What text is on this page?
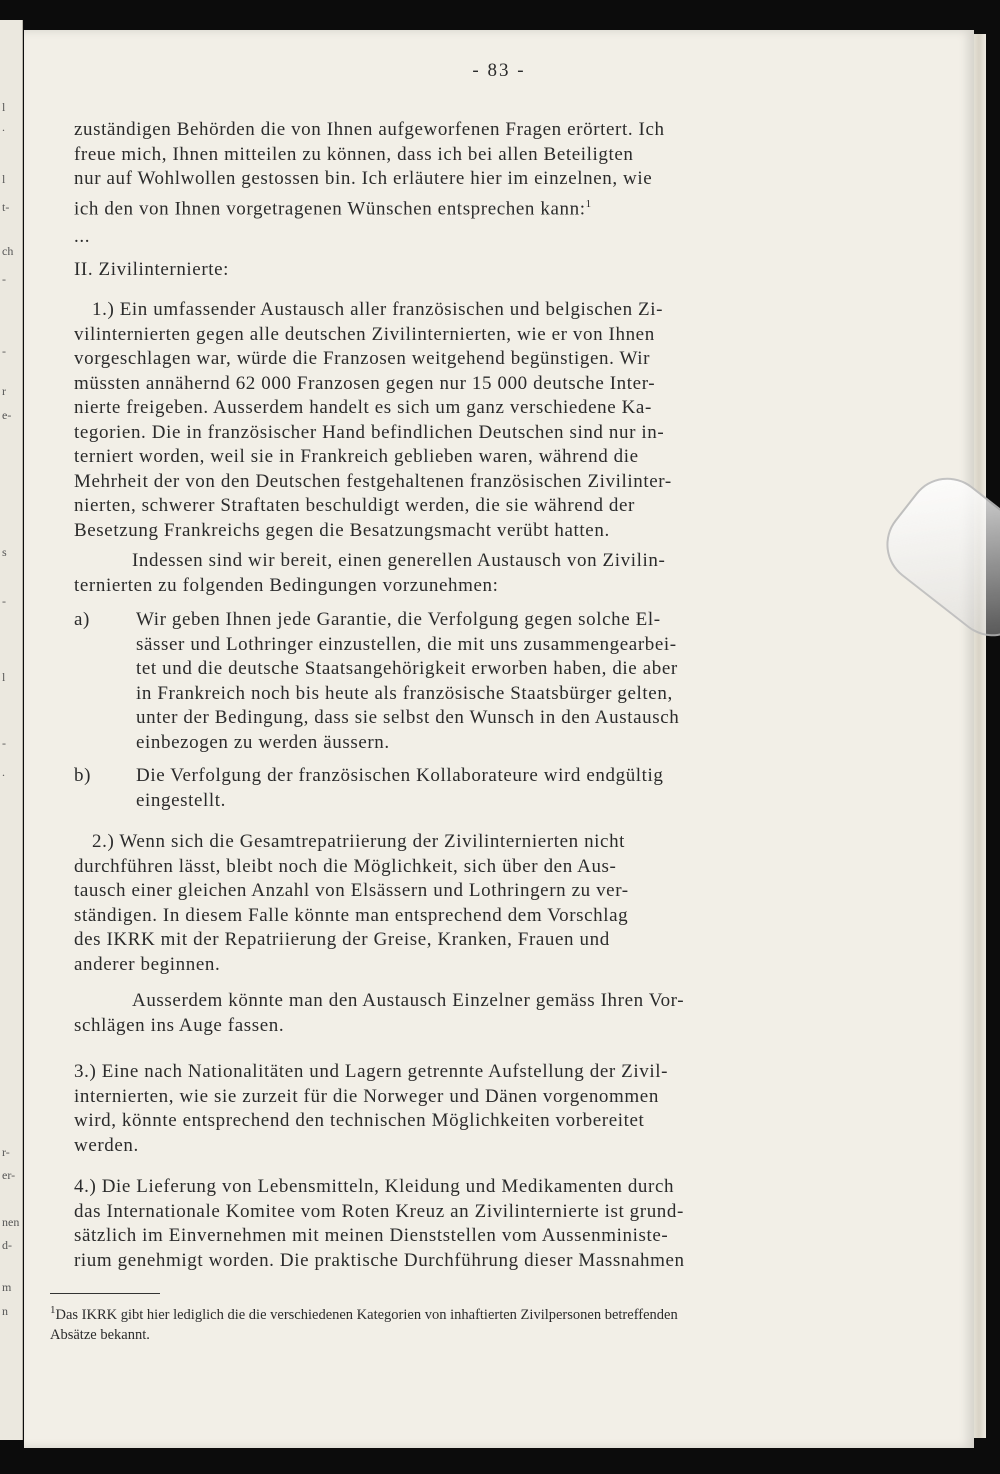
l
.
l
t-
ch
-
-
r
e-
s
-
l
-
.
r-
er-
nen
d-
m
n
- 83 -
zuständigen Behörden die von Ihnen aufgeworfenen Fragen erörtert. Ich
freue mich, Ihnen mitteilen zu können, dass ich bei allen Beteiligten
nur auf Wohlwollen gestossen bin. Ich erläutere hier im einzelnen, wie
ich den von Ihnen vorgetragenen Wünschen entsprechen kann:$^1$
...
II. Zivilinternierte:
1.) Ein umfassender Austausch aller französischen und belgischen Zi-
vilinternierten gegen alle deutschen Zivilinternierten, wie er von Ihnen
vorgeschlagen war, würde die Franzosen weitgehend begünstigen. Wir
müssten annähernd 62 000 Franzosen gegen nur 15 000 deutsche Inter-
nierte freigeben. Ausserdem handelt es sich um ganz verschiedene Ka-
tegorien. Die in französischer Hand befindlichen Deutschen sind nur in-
terniert worden, weil sie in Frankreich geblieben waren, während die
Mehrheit der von den Deutschen festgehaltenen französischen Zivilinter-
nierten, schwerer Straftaten beschuldigt werden, die sie während der
Besetzung Frankreichs gegen die Besatzungsmacht verübt hatten.
Indessen sind wir bereit, einen generellen Austausch von Zivilin-
ternierten zu folgenden Bedingungen vorzunehmen:
a) Wir geben Ihnen jede Garantie, die Verfolgung gegen solche El-
sässer und Lothringer einzustellen, die mit uns zusammengearbei-
tet und die deutsche Staatsangehörigkeit erworben haben, die aber
in Frankreich noch bis heute als französische Staatsbürger gelten,
unter der Bedingung, dass sie selbst den Wunsch in den Austausch
einbezogen zu werden äussern.
b) Die Verfolgung der französischen Kollaborateure wird endgültig
eingestellt.
2.) Wenn sich die Gesamtrepatriierung der Zivilinternierten nicht
durchführen lässt, bleibt noch die Möglichkeit, sich über den Aus-
tausch einer gleichen Anzahl von Elsässern und Lothringern zu ver-
ständigen. In diesem Falle könnte man entsprechend dem Vorschlag
des IKRK mit der Repatriierung der Greise, Kranken, Frauen und
anderer beginnen.
Ausserdem könnte man den Austausch Einzelner gemäss Ihren Vor-
schlägen ins Auge fassen.
3.) Eine nach Nationalitäten und Lagern getrennte Aufstellung der Zivil-
internierten, wie sie zurzeit für die Norweger und Dänen vorgenommen
wird, könnte entsprechend den technischen Möglichkeiten vorbereitet
werden.
4.) Die Lieferung von Lebensmitteln, Kleidung und Medikamenten durch
das Internationale Komitee vom Roten Kreuz an Zivilinternierte ist grund-
sätzlich im Einvernehmen mit meinen Dienststellen vom Aussenministe-
rium genehmigt worden. Die praktische Durchführung dieser Massnahmen
$^1$Das IKRK gibt hier lediglich die die verschiedenen Kategorien von inhaftierten Zivilpersonen betreffenden
Absätze bekannt.
